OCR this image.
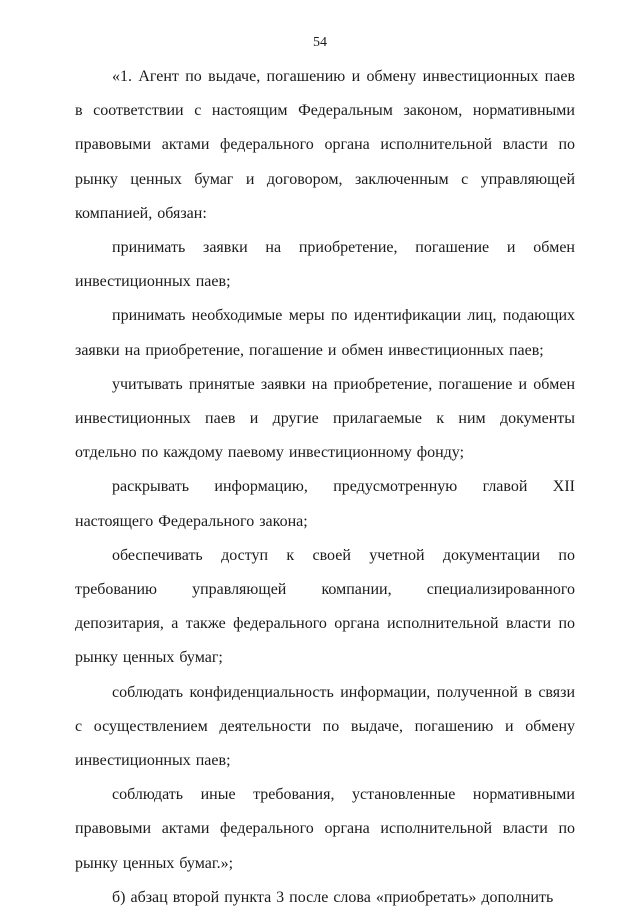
54

«1. Агент по выдаче, погашению и обмену инвестиционных паев в соответствии с настоящим Федеральным законом, нормативными правовыми актами федерального органа исполнительной власти по рынку ценных бумаг и договором, заключенным с управляющей компанией, обязан:

принимать заявки на приобретение, погашение и обмен инвестиционных паев;

принимать необходимые меры по идентификации лиц, подающих заявки на приобретение, погашение и обмен инвестиционных паев;

учитывать принятые заявки на приобретение, погашение и обмен инвестиционных паев и другие прилагаемые к ним документы отдельно по каждому паевому инвестиционному фонду;

раскрывать информацию, предусмотренную главой XII настоящего Федерального закона;

обеспечивать доступ к своей учетной документации по требованию управляющей компании, специализированного депозитария, а также федерального органа исполнительной власти по рынку ценных бумаг;

соблюдать конфиденциальность информации, полученной в связи с осуществлением деятельности по выдаче, погашению и обмену инвестиционных паев;

соблюдать иные требования, установленные нормативными правовыми актами федерального органа исполнительной власти по рынку ценных бумаг.»;

б) абзац второй пункта 3 после слова «приобретать» дополнить
